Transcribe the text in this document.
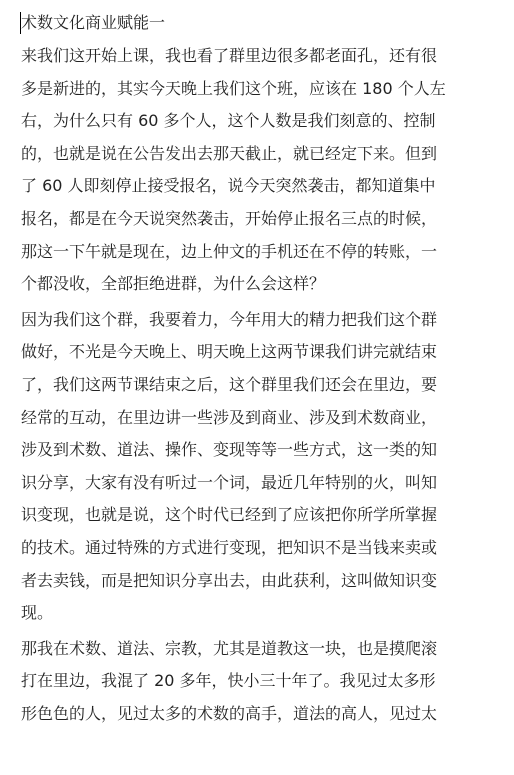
术数文化商业赋能一
来我们这开始上课，我也看了群里边很多都老面孔，还有很
多是新进的，其实今天晚上我们这个班，应该在 180 个人左
右，为什么只有 60 多个人，这个人数是我们刻意的、控制
的，也就是说在公告发出去那天截止，就已经定下来。但到
了 60 人即刻停止接受报名，说今天突然袭击，都知道集中
报名，都是在今天说突然袭击，开始停止报名三点的时候，
那这一下午就是现在，边上仲文的手机还在不停的转账，一
个都没收，全部拒绝进群，为什么会这样？
因为我们这个群，我要着力，今年用大的精力把我们这个群
做好，不光是今天晚上、明天晚上这两节课我们讲完就结束
了，我们这两节课结束之后，这个群里我们还会在里边，要
经常的互动，在里边讲一些涉及到商业、涉及到术数商业，
涉及到术数、道法、操作、变现等等一些方式，这一类的知
识分享，大家有没有听过一个词，最近几年特别的火，叫知
识变现，也就是说，这个时代已经到了应该把你所学所掌握
的技术。通过特殊的方式进行变现，把知识不是当钱来卖或
者去卖钱，而是把知识分享出去，由此获利，这叫做知识变
现。
那我在术数、道法、宗教，尤其是道教这一块，也是摸爬滚
打在里边，我混了 20 多年，快小三十年了。我见过太多形
形色色的人，见过太多的术数的高手，道法的高人，见过太
